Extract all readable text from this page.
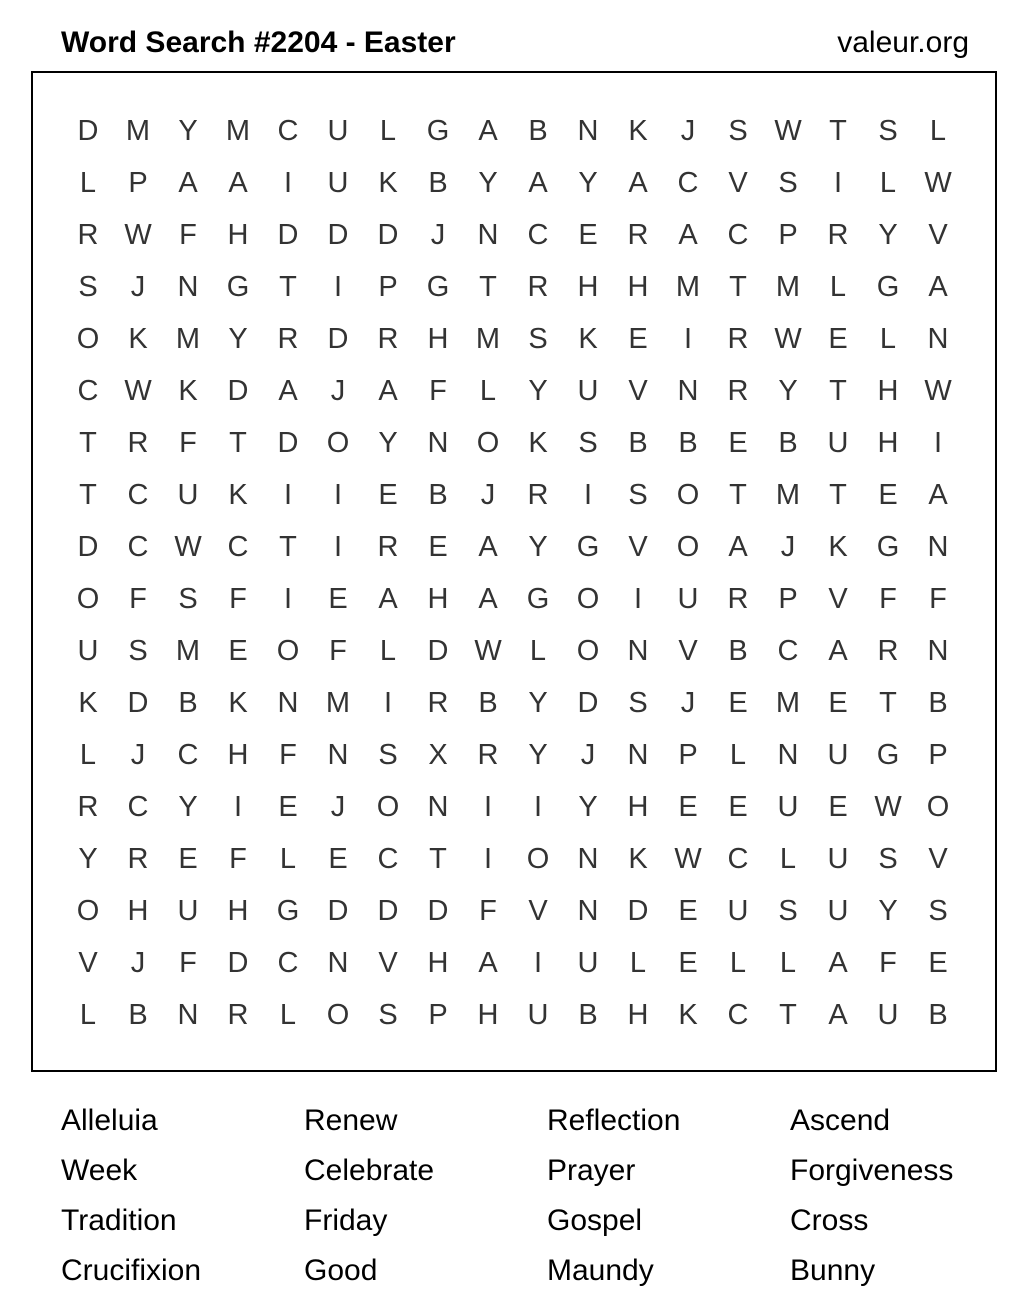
Word Search #2204 - Easter	valeur.org
D M Y M C	U	L	G	A	B	N	K	J	S W T	S	L
L	P	A	A	I	U	K	B	Y	A	Y	A	C	V	S	I	L W
R W F	H	D	D	D	J	N	C	E	R	A	C	P	R	Y	V
S	J	N G	T	I	P	G	T	R	H	H M	T	M	L	G	A
O	K M Y	R	D	R	H M S	K	E	I	R W E	L	N
C W K	D	A	J	A	F	L	Y	U	V	N	R	Y	T	H W
T	R	F	T	D O	Y	N O	K	S	B	B	E	B	U	H	I
T	C	U	K	I	I	E	B	J	R	I	S	O	T	M	T	E	A
D	C W C	T	I	R	E	A	Y	G	V	O	A	J	K	G N
O	F	S	F	I	E	A	H	A	G O	I	U	R	P	V	F	F
U	S M E	O	F	L	D W L	O N	V	B	C	A	R	N
K	D	B	K	N M	I	R	B	Y	D	S	J	E M E	T	B
L	J	C	H	F	N	S	X	R	Y	J	N	P	L	N	U G	P
R	C	Y	I	E	J	O N	I	I	Y	H	E	E	U	E W O
Y	R	E	F	L	E	C	T	I	O N	K W C	L	U	S	V
O H	U	H G D	D	D	F	V	N	D	E	U	S	U	Y	S
V	J	F	D	C	N	V	H	A	I	U	L	E	L	L	A	F	E
L	B	N	R	L	O	S	P	H	U	B	H	K	C	T	A	U	B
Alleluia	Renew	Reflection	Ascend
Week	Celebrate	Prayer	Forgiveness
Tradition	Friday	Gospel	Cross
Crucifixion	Good	Maundy	Bunny
